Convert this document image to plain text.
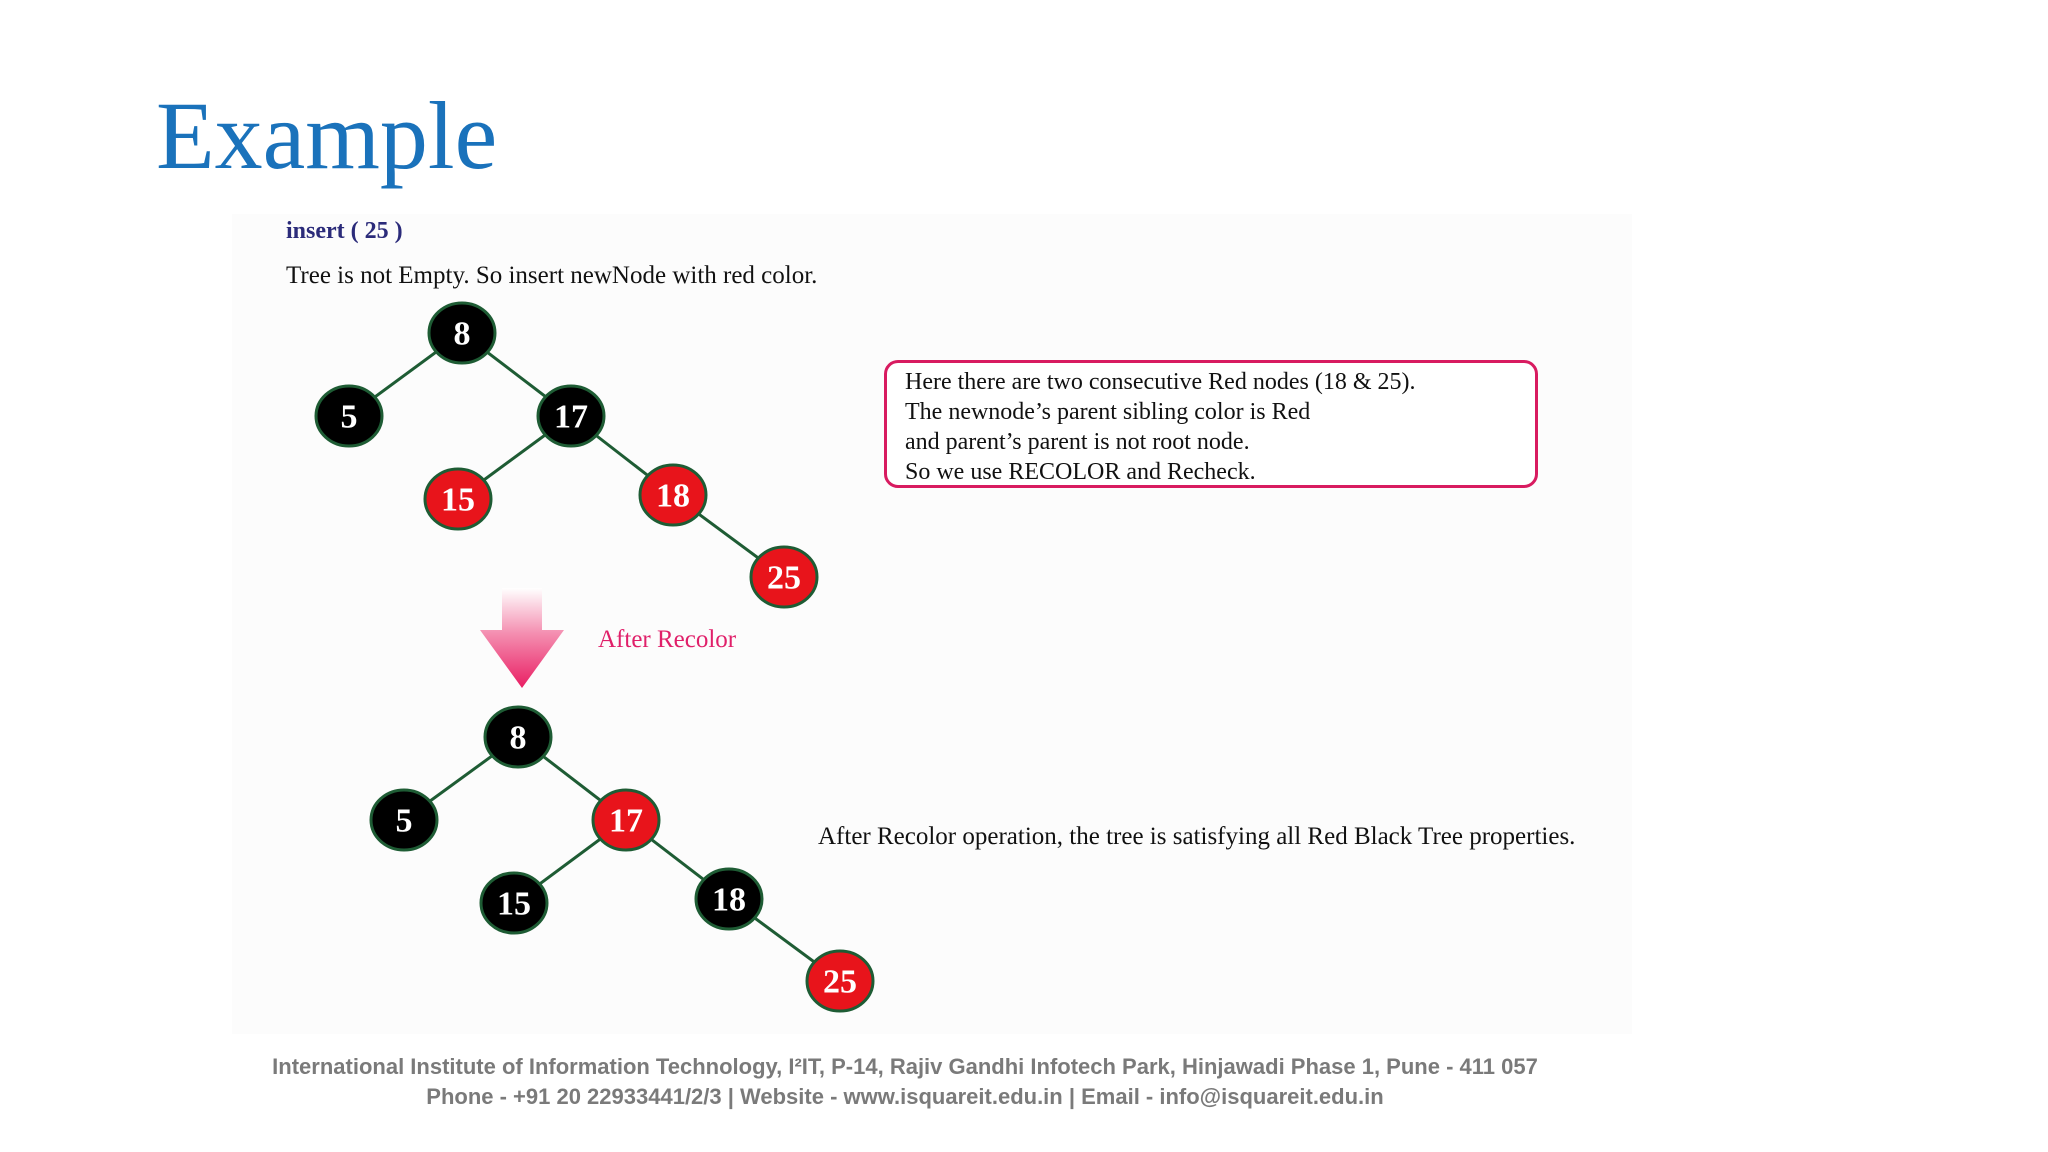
Example
insert ( 25 )
Tree is not Empty. So insert newNode with red color.
8
5	17
15	18
25
8
5	17
15	18
25
Here there are two consecutive Red nodes (18 & 25).
The newnode’s parent sibling color is Red
and parent’s parent is not root node.
So we use RECOLOR and Recheck.
After Recolor
After Recolor operation, the tree is satisfying all Red Black Tree properties.
International Institute of Information Technology, I²IT, P-14, Rajiv Gandhi Infotech Park, Hinjawadi Phase 1, Pune - 411 057
Phone - +91 20 22933441/2/3 | Website - www.isquareit.edu.in | Email - info@isquareit.edu.in
